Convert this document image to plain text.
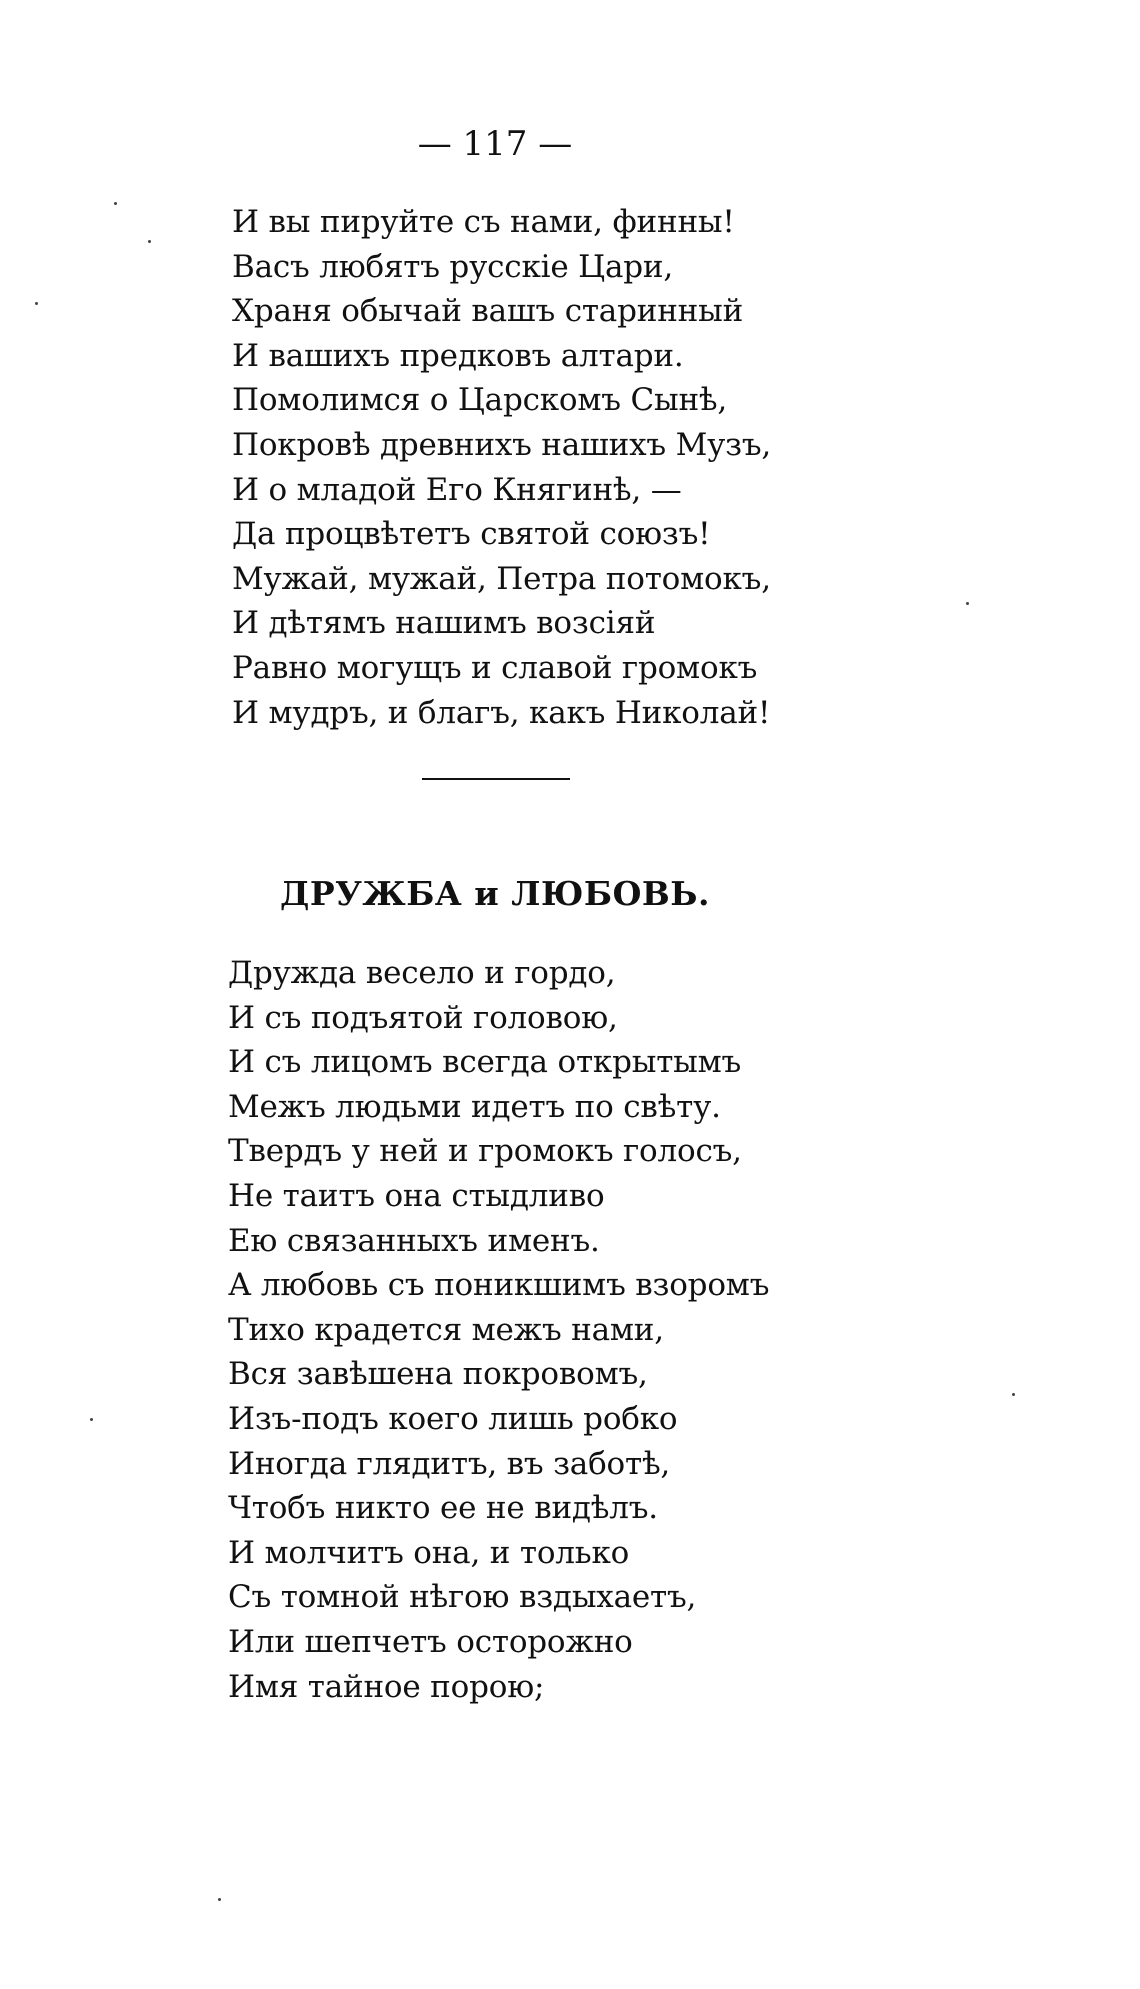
— 117 —
И вы пируйте съ нами, финны!
Васъ любятъ русскіе Цари,
Храня обычай вашъ старинный
И вашихъ предковъ алтари.
Помолимся о Царскомъ Сынѣ,
Покровѣ древнихъ нашихъ Музъ,
И о младой Его Княгинѣ, —
Да процвѣтетъ святой союзъ!
Мужай, мужай, Петра потомокъ,
И дѣтямъ нашимъ возсіяй
Равно могущъ и славой громокъ
И мудръ, и благъ, какъ Николай!
ДРУЖБА и ЛЮБОВЬ.
Дружда весело и гордо,
И съ подъятой головою,
И съ лицомъ всегда открытымъ
Межъ людьми идетъ по свѣту.
Твердъ у ней и громокъ голосъ,
Не таитъ она стыдливо
Ею связанныхъ именъ.
А любовь съ поникшимъ взоромъ
Тихо крадется межъ нами,
Вся завѣшена покровомъ,
Изъ-подъ коего лишь робко
Иногда глядитъ, въ заботѣ,
Чтобъ никто ее не видѣлъ.
И молчитъ она, и только
Съ томной нѣгою вздыхаетъ,
Или шепчетъ осторожно
Имя тайное порою;
